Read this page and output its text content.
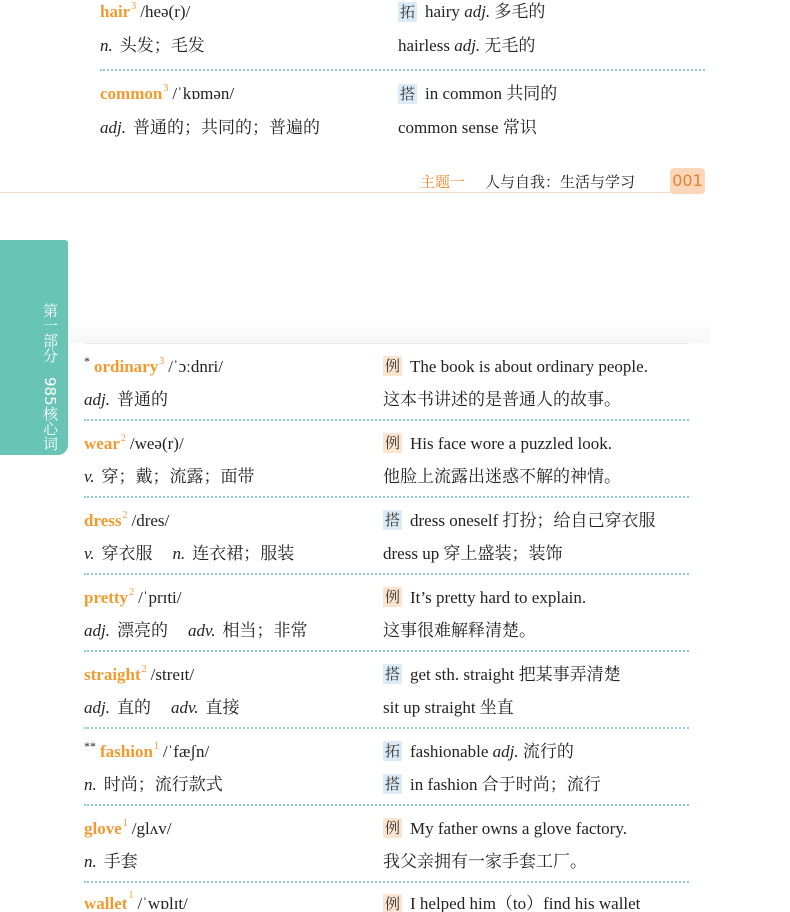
hair$^3$ /heə(r)/	拓 hairy adj. 多毛的
n. 头发；毛发	hairless adj. 无毛的
common$^3$ /ˈkɒmən/	搭 in common 共同的
adj. 普通的；共同的；普遍的	common sense 常识
主题一 人与自我：生活与学习 001
第一部分
985核心词
* ordinary$^3$ /ˈɔːdnri/	例 The book is about ordinary people.
adj. 普通的	这本书讲述的是普通人的故事。
wear$^2$ /weə(r)/	例 His face wore a puzzled look.
v. 穿；戴；流露；面带	他脸上流露出迷惑不解的神情。
dress$^2$ /dres/	搭 dress oneself 打扮；给自己穿衣服
v. 穿衣服 n. 连衣裙；服装	dress up 穿上盛装；装饰
pretty$^2$ /ˈprɪti/	例 It’s pretty hard to explain.
adj. 漂亮的 adv. 相当；非常	这事很难解释清楚。
straight$^2$ /streɪt/	搭 get sth. straight 把某事弄清楚
adj. 直的 adv. 直接	sit up straight 坐直
** fashion$^1$ /ˈfæʃn/	拓 fashionable adj. 流行的
n. 时尚；流行款式	搭 in fashion 合于时尚；流行
glove$^1$ /glʌv/	例 My father owns a glove factory.
n. 手套	我父亲拥有一家手套工厂。
wallet1 /ˈwɒlɪt/	例 I helped him（to）find his wallet
